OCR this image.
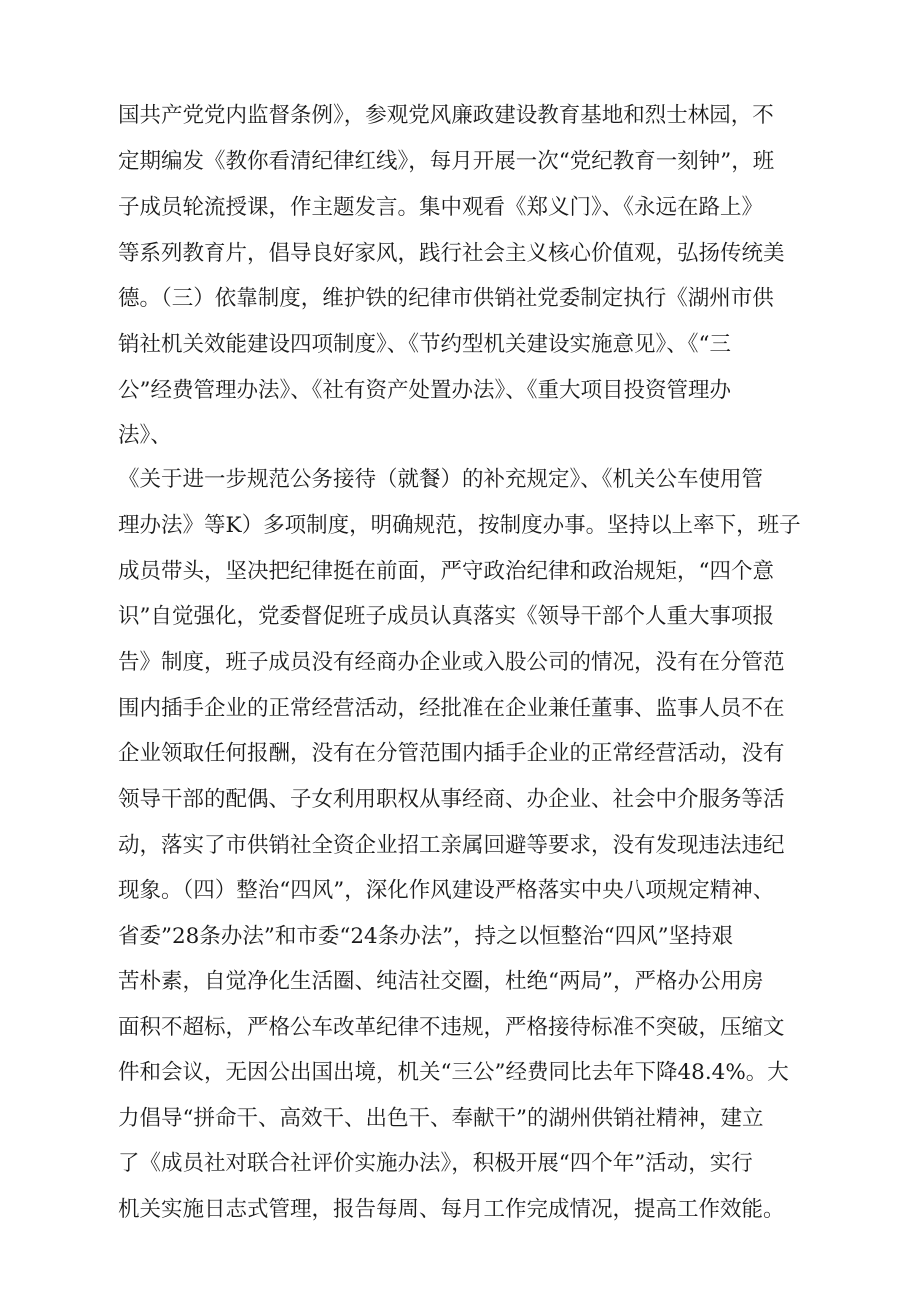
国共产党党内监督条例》，参观党风廉政建设教育基地和烈士林园，不
定期编发《教你看清纪律红线》，每月开展一次“党纪教育一刻钟”，班
子成员轮流授课，作主题发言。集中观看《郑义门》、《永远在路上》
等系列教育片，倡导良好家风，践行社会主义核心价值观，弘扬传统美
德。（三）依靠制度，维护铁的纪律市供销社党委制定执行《湖州市供
销社机关效能建设四项制度》、《节约型机关建设实施意见》、《“三
公”经费管理办法》、《社有资产处置办法》、《重大项目投资管理办
法》、
《关于进一步规范公务接待（就餐）的补充规定》、《机关公车使用管
理办法》等K）多项制度，明确规范，按制度办事。坚持以上率下，班子
成员带头，坚决把纪律挺在前面，严守政治纪律和政治规矩，“四个意
识”自觉强化，党委督促班子成员认真落实《领导干部个人重大事项报
告》制度，班子成员没有经商办企业或入股公司的情况，没有在分管范
围内插手企业的正常经营活动，经批准在企业兼任董事、监事人员不在
企业领取任何报酬，没有在分管范围内插手企业的正常经营活动，没有
领导干部的配偶、子女利用职权从事经商、办企业、社会中介服务等活
动，落实了市供销社全资企业招工亲属回避等要求，没有发现违法违纪
现象。（四）整治“四风”，深化作风建设严格落实中央八项规定精神、
省委”28条办法”和市委“24条办法”，持之以恒整治“四风”坚持艰
苦朴素，自觉净化生活圈、纯洁社交圈，杜绝“两局”，严格办公用房
面积不超标，严格公车改革纪律不违规，严格接待标准不突破，压缩文
件和会议，无因公出国出境，机关“三公”经费同比去年下降48.4%。大
力倡导“拼命干、高效干、出色干、奉献干”的湖州供销社精神，建立
了《成员社对联合社评价实施办法》，积极开展“四个年”活动，实行
机关实施日志式管理，报告每周、每月工作完成情况，提高工作效能。
